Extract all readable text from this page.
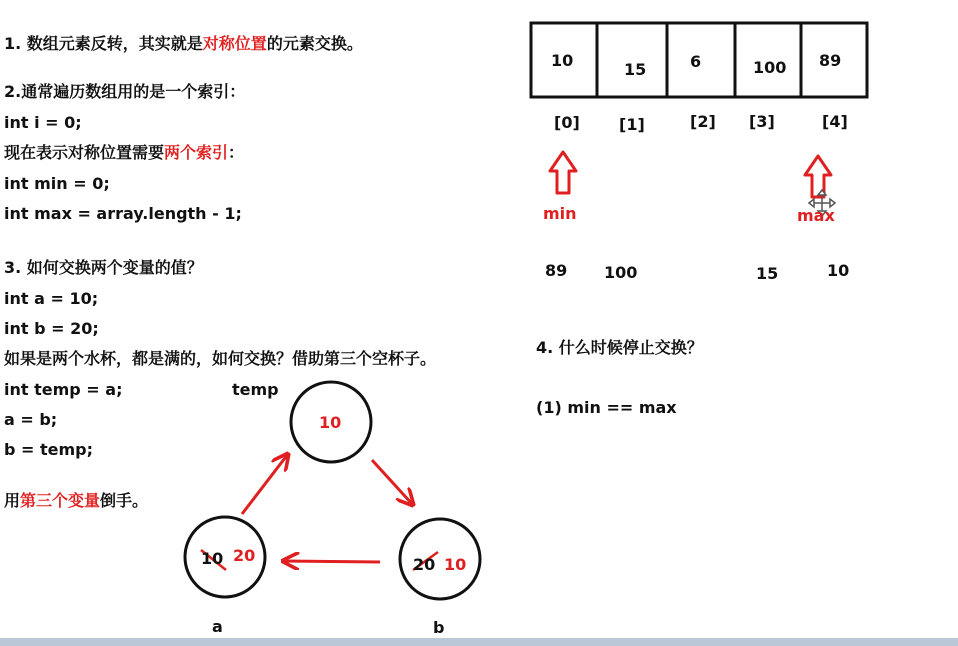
1. 数组元素反转，其实就是对称位置的元素交换。
2.通常遍历数组用的是一个索引：
int i = 0;
现在表示对称位置需要两个索引：
int min = 0;
int max = array.length - 1;
3. 如何交换两个变量的值？
int a = 10;
int b = 20;
如果是两个水杯，都是满的，如何交换？借助第三个空杯子。
int temp = a;
a = b;
b = temp;
用第三个变量倒手。
temp
10
10 20	20 10
a	b
10	15	6	100 89
[0] [1]	[2] [3]	[4]
min	max
89 100	15	10
4. 什么时候停止交换？
(1) min == max
